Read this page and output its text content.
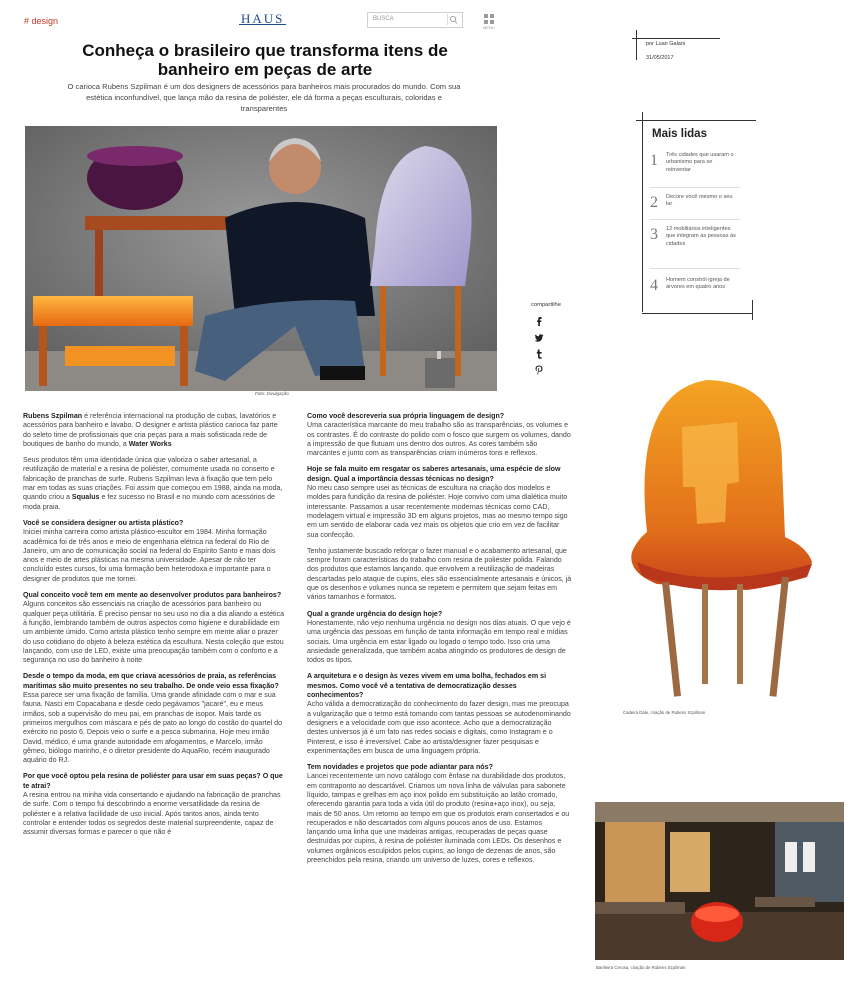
# design	HAUS	BUSCA
MENU
Conheça o brasileiro que transforma itens de banheiro em peças de arte
O carioca Rubens Szpilman é um dos designers de acessórios para banheiros mais procurados do mundo. Com sua estética inconfundível, que lança mão da resina de poliéster, ele dá forma a peças esculturais, coloridas e transparentes
Foto: Divulgação
compartilhe
por Luan Galani
31/05/2017
Mais lidas
1 Três cidades que usaram o urbanismo para se reinventar
2 Decore você mesmo o seu lar
3 12 mobiliários inteligentes que integram as pessoas às cidades
4 Homem constrói igreja de árvores em quatro anos
Cadeira Dale, criação de Rubens Szpilman
Banheira Cerosa, criação de Rubens Szpilman

Rubens Szpilman é referência internacional na produção de cubas, lavatórios e acessórios para banheiro e lavabo. O designer e artista plástico carioca faz parte do seleto time de profissionais que cria peças para a mais sofisticada rede de boutiques de banho do mundo, a Water Works

Seus produtos têm uma identidade única que valoriza o saber artesanal, a reutilização de material e a resina de poliéster, comumente usada no conserto e fabricação de pranchas de surfe. Rubens Szpilman leva à fixação que tem pelo mar em todas as suas criações. Foi assim que começou em 1988, ainda na moda, quando criou a Squalus e fez sucesso no Brasil e no mundo com acessórios de moda praia.

Você se considera designer ou artista plástico?

Iniciei minha carreira como artista plástico-escultor em 1984. Minha formação acadêmica foi de três anos e meio de engenharia elétrica na federal do Rio de Janeiro, um ano de comunicação social na federal do Espírito Santo e mais dois anos e meio de artes plásticas na mesma universidade. Apesar de não ter concluído estes cursos, foi uma formação bem heterodoxa e importante para o designer de produtos que me tornei.

Qual conceito você tem em mente ao desenvolver produtos para banheiros?

Alguns conceitos são essenciais na criação de acessórios para banheiro ou qualquer peça utilitária. É preciso pensar no seu uso no dia a dia aliando a estética à função, lembrando também de outros aspectos como higiene e durabilidade em um ambiente úmido. Como artista plástico tenho sempre em mente aliar o prazer do uso cotidiano do objeto à beleza estética da escultura. Nesta coleção que estou lançando, com uso de LED, existe uma preocupação também com o conforto e a segurança no uso do banheiro à noite

Desde o tempo da moda, em que criava acessórios de praia, as referências marítimas são muito presentes no seu trabalho. De onde veio essa fixação?

Essa parece ser uma fixação de família. Uma grande afinidade com o mar e sua fauna. Nasci em Copacabana e desde cedo pegávamos "jacaré", eu e meus irmãos, sob a supervisão do meu pai, em pranchas de isopor. Mais tarde os primeiros mergulhos com máscara e pés de pato ao longo do costão do quartel do exército no posto 6. Depois veio o surfe e a pesca submarina. Hoje meu irmão David, médico, é uma grande autoridade em afogamentos, e Marcelo, irmão gêmeo, biólogo marinho, é o diretor presidente do AquaRio, recém inaugurado aquário do RJ.

Por que você optou pela resina de poliéster para usar em suas peças? O que te atrai?

A resina entrou na minha vida consertando e ajudando na fabricação de pranchas de surfe. Com o tempo fui descobrindo a enorme versatilidade da resina de poliéster e a relativa facilidade de uso inicial. Após tantos anos, ainda tento controlar e entender todos os segredos deste material surpreendente, capaz de assumir diversas formas e parecer o que não é

Como você descreveria sua própria linguagem de design?

Uma característica marcante do meu trabalho são as transparências, os volumes e os contrastes. É do contraste do polido com o fosco que surgem os volumes, dando a impressão de que flutuam uns dentro dos outros. As cores também são marcantes e junto com as transparências criam inúmeros tons e reflexos.

Hoje se fala muito em resgatar os saberes artesanais, uma espécie de slow design. Qual a importância dessas técnicas no design?

No meu caso sempre usei as técnicas de escultura na criação dos modelos e moldes para fundição da resina de poliéster. Hoje convivo com uma dialética muito interessante. Passamos a usar recentemente modernas técnicas como CAD, modelagem virtual e impressão 3D em alguns projetos, mas ao mesmo tempo sigo em um sentido de elaborar cada vez mais os objetos que crio em vez de facilitar sua confecção.

Tenho justamente buscado reforçar o fazer manual e o acabamento artesanal, que sempre foram características do trabalho com resina de poliéster polida. Falando dos produtos que estamos lançando, que envolvem a reutilização de madeiras descartadas pelo ataque de cupins, eles são essencialmente artesanais e únicos, já que os desenhos e volumes nunca se repetem e permitem que sejam feitas em vários tamanhos e formatos.

Qual a grande urgência do design hoje?

Honestamente, não vejo nenhuma urgência no design nos dias atuais. O que vejo é uma urgência das pessoas em função de tanta informação em tempo real e mídias sociais. Uma urgência em estar ligado ou logado o tempo todo. Isso cria uma ansiedade generalizada, que também acaba atingindo os produtores de design de todos os tipos.

A arquitetura e o design às vezes vivem em uma bolha, fechados em si mesmos. Como você vê a tentativa de democratização desses conhecimentos?

Acho válida a democratização do conhecimento do fazer design, mas me preocupa a vulgarização que o termo está tomando com tantas pessoas se autodenominando designers e a velocidade com que isso acontece. Acho que a democratização destes universos já é um fato nas redes sociais e digitais, como Instagram e o Pinterest, e isso é irreversível. Cabe ao artista/designer fazer pesquisas e experimentações em busca de uma linguagem própria.

Tem novidades e projetos que pode adiantar para nós?

Lancei recentemente um novo catálogo com ênfase na durabilidade dos produtos, em contraponto ao descartável. Criamos um nova linha de válvulas para sabonete líquido, tampas e grelhas em aço inox polido em substituição ao latão cromado, oferecendo garantia para toda a vida útil do produto (resina+aço inox), ou seja, mais de 50 anos. Um retorno ao tempo em que os produtos eram consertados e ou recuperados e não descartados com alguns poucos anos de uso. Estamos lançando uma linha que une madeiras antigas, recuperadas de peças quase destruídas por cupins, à resina de poliéster iluminada com LEDs. Os desenhos e volumes orgânicos esculpidos pelos cupins, ao longo de dezenas de anos, são preenchidos pela resina, criando um universo de luzes, cores e reflexos.
